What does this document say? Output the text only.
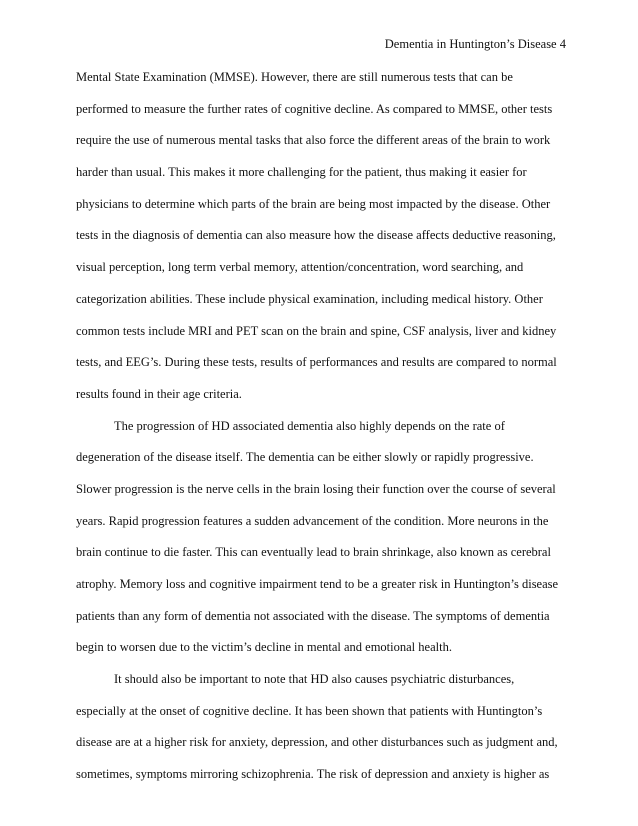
Dementia in Huntington’s Disease 4
Mental State Examination (MMSE). However, there are still numerous tests that can be
performed to measure the further rates of cognitive decline. As compared to MMSE, other tests
require the use of numerous mental tasks that also force the different areas of the brain to work
harder than usual. This makes it more challenging for the patient, thus making it easier for
physicians to determine which parts of the brain are being most impacted by the disease. Other
tests in the diagnosis of dementia can also measure how the disease affects deductive reasoning,
visual perception, long term verbal memory, attention/concentration, word searching, and
categorization abilities. These include physical examination, including medical history. Other
common tests include MRI and PET scan on the brain and spine, CSF analysis, liver and kidney
tests, and EEG’s. During these tests, results of performances and results are compared to normal
results found in their age criteria.
The progression of HD associated dementia also highly depends on the rate of
degeneration of the disease itself. The dementia can be either slowly or rapidly progressive.
Slower progression is the nerve cells in the brain losing their function over the course of several
years. Rapid progression features a sudden advancement of the condition. More neurons in the
brain continue to die faster. This can eventually lead to brain shrinkage, also known as cerebral
atrophy. Memory loss and cognitive impairment tend to be a greater risk in Huntington’s disease
patients than any form of dementia not associated with the disease. The symptoms of dementia
begin to worsen due to the victim’s decline in mental and emotional health.
It should also be important to note that HD also causes psychiatric disturbances,
especially at the onset of cognitive decline. It has been shown that patients with Huntington’s
disease are at a higher risk for anxiety, depression, and other disturbances such as judgment and,
sometimes, symptoms mirroring schizophrenia. The risk of depression and anxiety is higher as
